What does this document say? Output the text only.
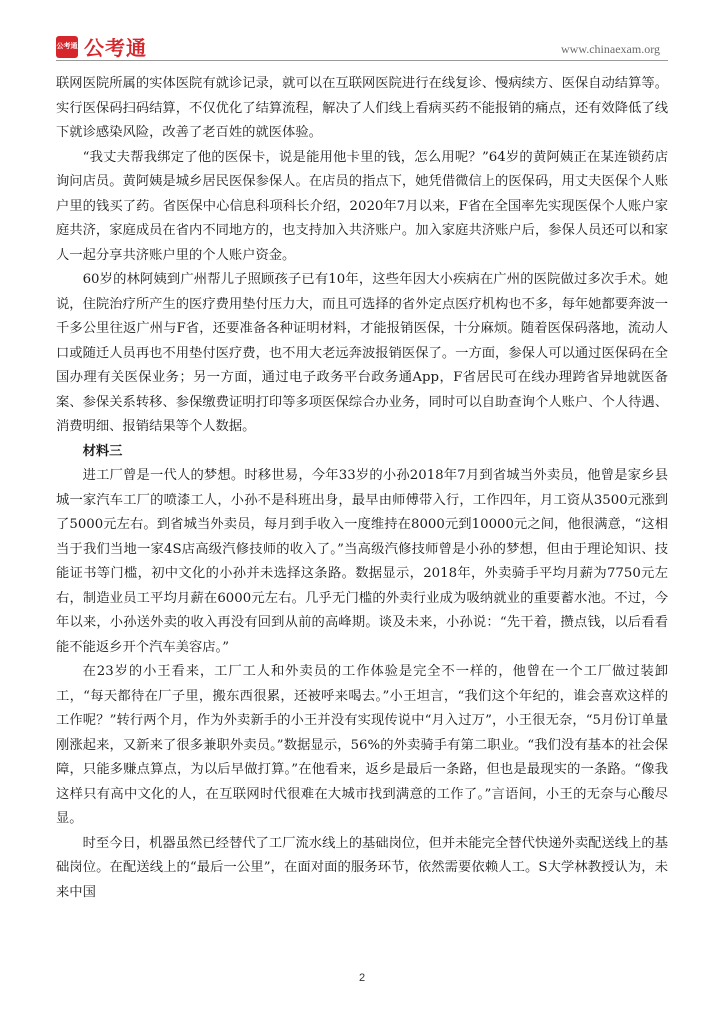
公考通 公考通	www.chinaexam.org

联网医院所属的实体医院有就诊记录，就可以在互联网医院进行在线复诊、慢病续方、医保自动结算等。实行医保码扫码结算，不仅优化了结算流程，解决了人们线上看病买药不能报销的痛点，还有效降低了线下就诊感染风险，改善了老百姓的就医体验。

“我丈夫帮我绑定了他的医保卡，说是能用他卡里的钱，怎么用呢？”64岁的黄阿姨正在某连锁药店询问店员。黄阿姨是城乡居民医保参保人。在店员的指点下，她凭借微信上的医保码，用丈夫医保个人账户里的钱买了药。省医保中心信息科项科长介绍，2020年7月以来，F省在全国率先实现医保个人账户家庭共济，家庭成员在省内不同地方的，也支持加入共济账户。加入家庭共济账户后，参保人员还可以和家人一起分享共济账户里的个人账户资金。

60岁的林阿姨到广州帮儿子照顾孩子已有10年，这些年因大小疾病在广州的医院做过多次手术。她说，住院治疗所产生的医疗费用垫付压力大，而且可选择的省外定点医疗机构也不多，每年她都要奔波一千多公里往返广州与F省，还要准备各种证明材料，才能报销医保，十分麻烦。随着医保码落地，流动人口或随迁人员再也不用垫付医疗费，也不用大老远奔波报销医保了。一方面，参保人可以通过医保码在全国办理有关医保业务；另一方面，通过电子政务平台政务通App，F省居民可在线办理跨省异地就医备案、参保关系转移、参保缴费证明打印等多项医保综合办业务，同时可以自助查询个人账户、个人待遇、消费明细、报销结果等个人数据。

材料三

进工厂曾是一代人的梦想。时移世易，今年33岁的小孙2018年7月到省城当外卖员，他曾是家乡县城一家汽车工厂的喷漆工人，小孙不是科班出身，最早由师傅带入行，工作四年，月工资从3500元涨到了5000元左右。到省城当外卖员，每月到手收入一度维持在8000元到10000元之间，他很满意，“这相当于我们当地一家4S店高级汽修技师的收入了。”当高级汽修技师曾是小孙的梦想，但由于理论知识、技能证书等门槛，初中文化的小孙并未选择这条路。数据显示，2018年，外卖骑手平均月薪为7750元左右，制造业员工平均月薪在6000元左右。几乎无门槛的外卖行业成为吸纳就业的重要蓄水池。不过，今年以来，小孙送外卖的收入再没有回到从前的高峰期。谈及未来，小孙说：“先干着，攒点钱，以后看看能不能返乡开个汽车美容店。”

在23岁的小王看来，工厂工人和外卖员的工作体验是完全不一样的，他曾在一个工厂做过装卸工，“每天都待在厂子里，搬东西很累，还被呼来喝去。”小王坦言，“我们这个年纪的，谁会喜欢这样的工作呢？”转行两个月，作为外卖新手的小王并没有实现传说中“月入过万”，小王很无奈，“5月份订单量刚涨起来，又新来了很多兼职外卖员。”数据显示，56%的外卖骑手有第二职业。“我们没有基本的社会保障，只能多赚点算点，为以后早做打算。”在他看来，返乡是最后一条路，但也是最现实的一条路。“像我这样只有高中文化的人，在互联网时代很难在大城市找到满意的工作了。”言语间，小王的无奈与心酸尽显。

时至今日，机器虽然已经替代了工厂流水线上的基础岗位，但并未能完全替代快递外卖配送线上的基础岗位。在配送线上的“最后一公里”，在面对面的服务环节，依然需要依赖人工。S大学林教授认为，未来中国

2
